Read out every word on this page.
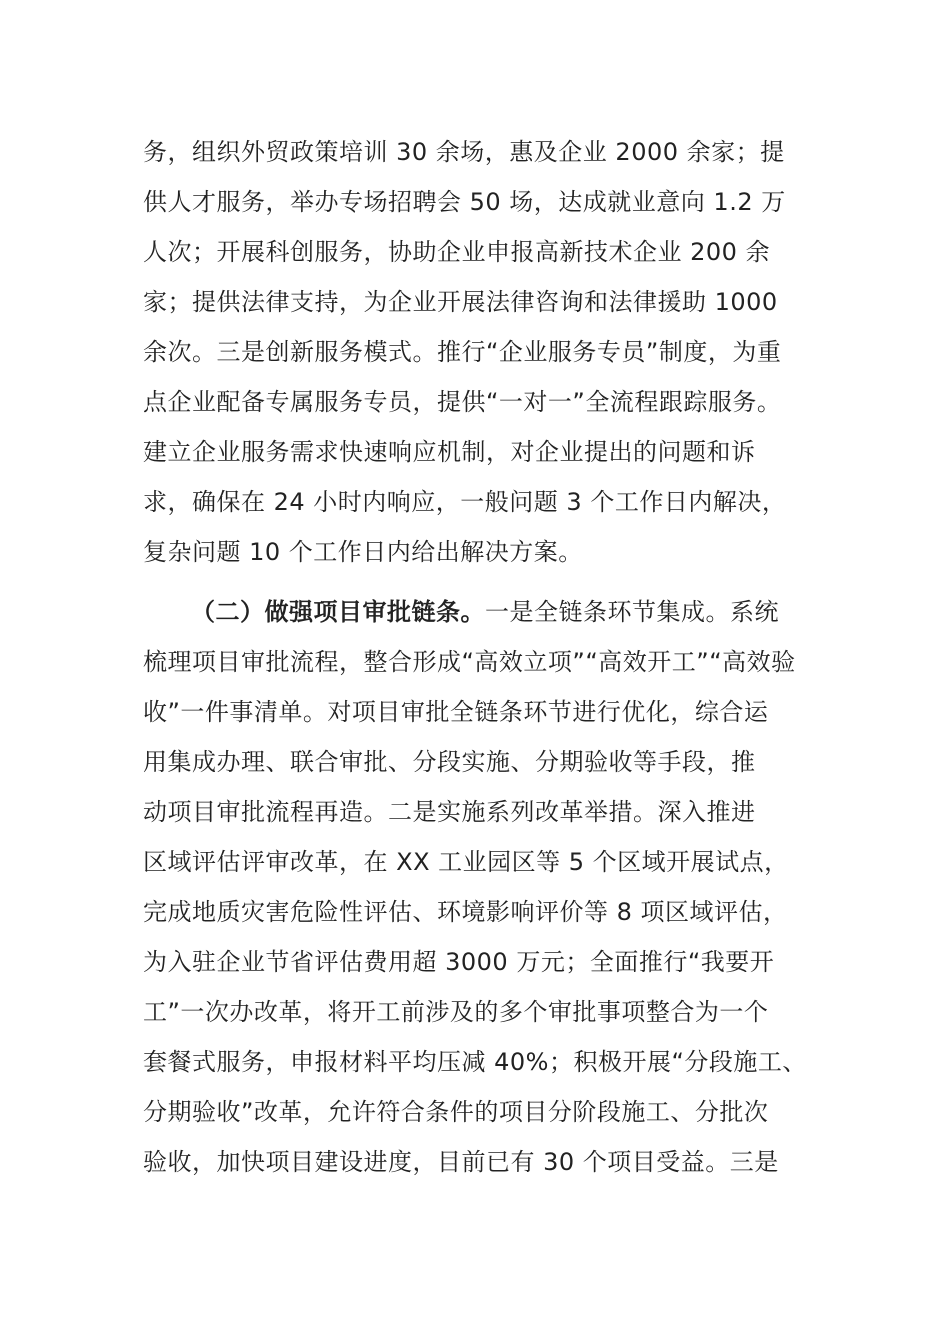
务，组织外贸政策培训 30 余场，惠及企业 2000 余家；提
供人才服务，举办专场招聘会 50 场，达成就业意向 1.2 万
人次；开展科创服务，协助企业申报高新技术企业 200 余
家；提供法律支持，为企业开展法律咨询和法律援助 1000
余次。三是创新服务模式。推行“企业服务专员”制度，为重
点企业配备专属服务专员，提供“一对一”全流程跟踪服务。
建立企业服务需求快速响应机制，对企业提出的问题和诉
求，确保在 24 小时内响应，一般问题 3 个工作日内解决，
复杂问题 10 个工作日内给出解决方案。
（二）做强项目审批链条。一是全链条环节集成。系统
梳理项目审批流程，整合形成“高效立项”“高效开工”“高效验
收”一件事清单。对项目审批全链条环节进行优化，综合运
用集成办理、联合审批、分段实施、分期验收等手段，推
动项目审批流程再造。二是实施系列改革举措。深入推进
区域评估评审改革，在 XX 工业园区等 5 个区域开展试点，
完成地质灾害危险性评估、环境影响评价等 8 项区域评估，
为入驻企业节省评估费用超 3000 万元；全面推行“我要开
工”一次办改革，将开工前涉及的多个审批事项整合为一个
套餐式服务，申报材料平均压减 40%；积极开展“分段施工、
分期验收”改革，允许符合条件的项目分阶段施工、分批次
验收，加快项目建设进度，目前已有 30 个项目受益。三是
